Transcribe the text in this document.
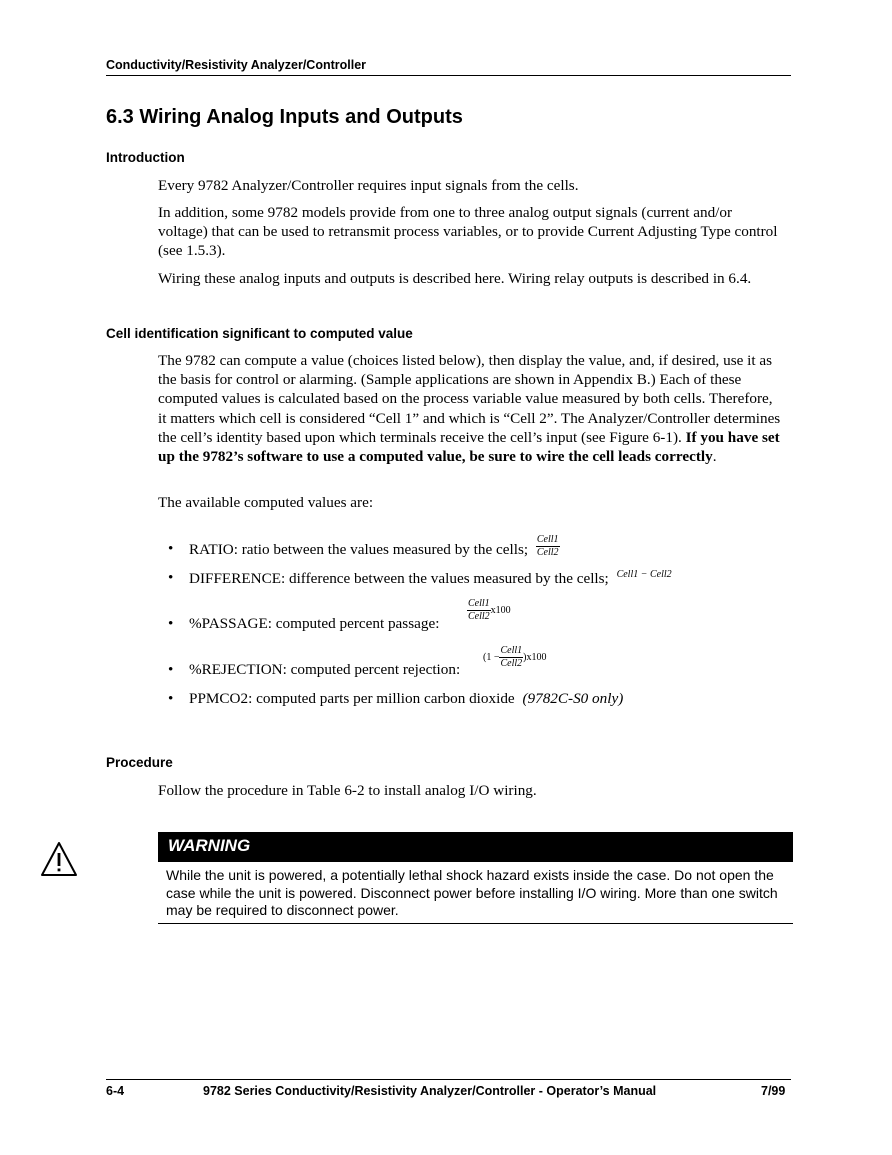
Conductivity/Resistivity Analyzer/Controller
6.3 Wiring Analog Inputs and Outputs
Introduction
Every 9782 Analyzer/Controller requires input signals from the cells.
In addition, some 9782 models provide from one to three analog output signals (current and/or voltage) that can be used to retransmit process variables, or to provide Current Adjusting Type control (see 1.5.3).
Wiring these analog inputs and outputs is described here. Wiring relay outputs is described in 6.4.
Cell identification significant to computed value
The 9782 can compute a value (choices listed below), then display the value, and, if desired, use it as the basis for control or alarming. (Sample applications are shown in Appendix B.) Each of these computed values is calculated based on the process variable value measured by both cells. Therefore, it matters which cell is considered “Cell 1” and which is “Cell 2”. The Analyzer/Controller determines the cell’s identity based upon which terminals receive the cell’s input (see Figure 6-1). If you have set up the 9782’s software to use a computed value, be sure to wire the cell leads correctly.
The available computed values are:
• RATIO: ratio between the values measured by the cells; $\frac{\text{Cell1}}{\text{Cell2}}$
• DIFFERENCE: difference between the values measured by the cells; $^{Cell1 - Cell2}$
• %PASSAGE: computed percent passage:
$\frac{\text{Cell1}}{\text{Cell2}} x100$
• %REJECTION: computed percent rejection:
$(1 - \frac{\text{Cell1}}{\text{Cell2}} )x100$
• PPMCO2: computed parts per million carbon dioxide (9782C-S0 only)
Procedure
Follow the procedure in Table 6-2 to install analog I/O wiring.
WARNING
While the unit is powered, a potentially lethal shock hazard exists inside the case. Do not open the case while the unit is powered. Disconnect power before installing I/O wiring. More than one switch may be required to disconnect power.
6-4	9782 Series Conductivity/Resistivity Analyzer/Controller - Operator’s Manual	7/99
